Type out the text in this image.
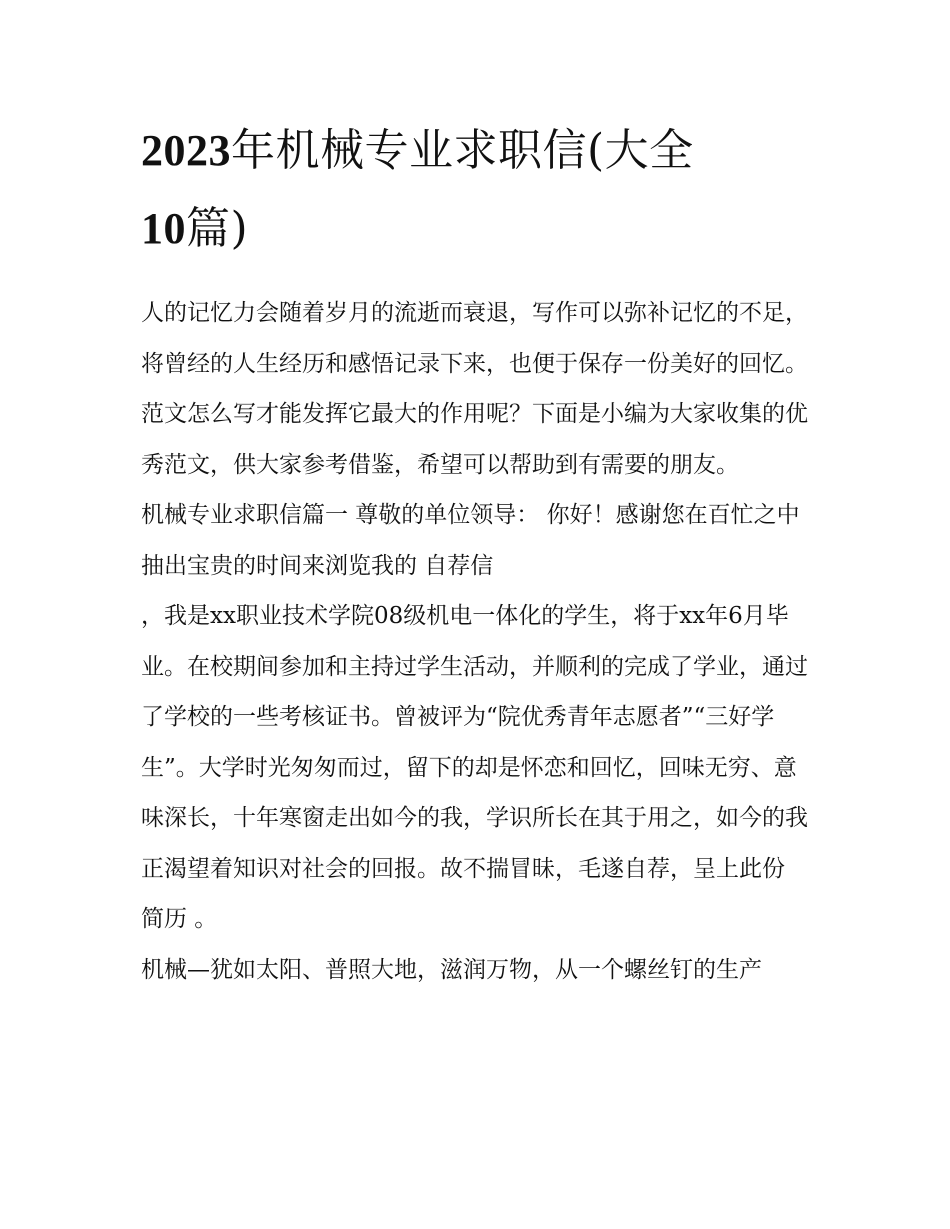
2023年机械专业求职信(大全
10篇)

人的记忆力会随着岁月的流逝而衰退，写作可以弥补记忆的不足，将曾经的人生经历和感悟记录下来，也便于保存一份美好的回忆。范文怎么写才能发挥它最大的作用呢？下面是小编为大家收集的优秀范文，供大家参考借鉴，希望可以帮助到有需要的朋友。

机械专业求职信篇一 尊敬的单位领导： 你好！感谢您在百忙之中抽出宝贵的时间来浏览我的 自荐信

，我是xx职业技术学院08级机电一体化的学生，将于xx年6月毕业。在校期间参加和主持过学生活动，并顺利的完成了学业，通过了学校的一些考核证书。曾被评为“院优秀青年志愿者”“三好学生”。大学时光匆匆而过，留下的却是怀恋和回忆，回味无穷、意味深长，十年寒窗走出如今的我，学识所长在其于用之，如今的我正渴望着知识对社会的回报。故不揣冒昧，毛遂自荐，呈上此份

简历 。

机械—犹如太阳、普照大地，滋润万物，从一个螺丝钉的生产
